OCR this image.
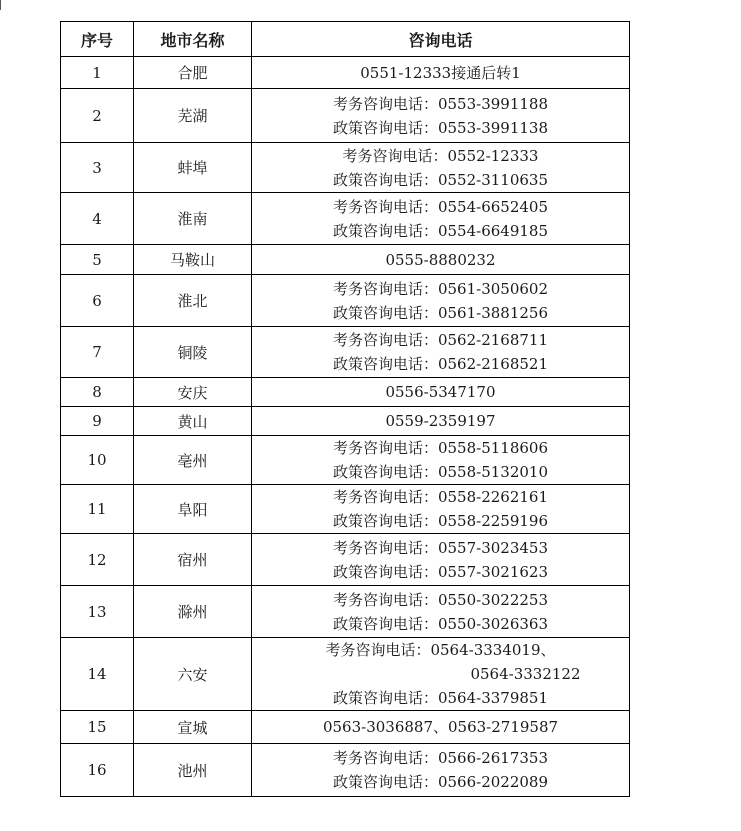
序号	地市名称	咨询电话
1	合肥	0551-12333接通后转1
2	芜湖	考务咨询电话：0553-3991188
政策咨询电话：0553-3991138

3	蚌埠	考务咨询电话：0552-12333
政策咨询电话：0552-3110635

4	淮南	考务咨询电话：0554-6652405
政策咨询电话：0554-6649185

5	马鞍山	0555-8880232
6	淮北	考务咨询电话：0561-3050602
政策咨询电话：0561-3881256

7	铜陵	考务咨询电话：0562-2168711
政策咨询电话：0562-2168521

8	安庆	0556-5347170
9	黄山	0559-2359197
10	亳州	考务咨询电话：0558-5118606
政策咨询电话：0558-5132010

11	阜阳	考务咨询电话：0558-2262161
政策咨询电话：0558-2259196

12	宿州	考务咨询电话：0557-3023453
政策咨询电话：0557-3021623

13	滁州	考务咨询电话：0550-3022253
政策咨询电话：0550-3026363

14	六安	考务咨询电话：0564-3334019、
0564-3332122
政策咨询电话：0564-3379851

15	宣城	0563-3036887、0563-2719587
16	池州	考务咨询电话：0566-2617353
政策咨询电话：0566-2022089
